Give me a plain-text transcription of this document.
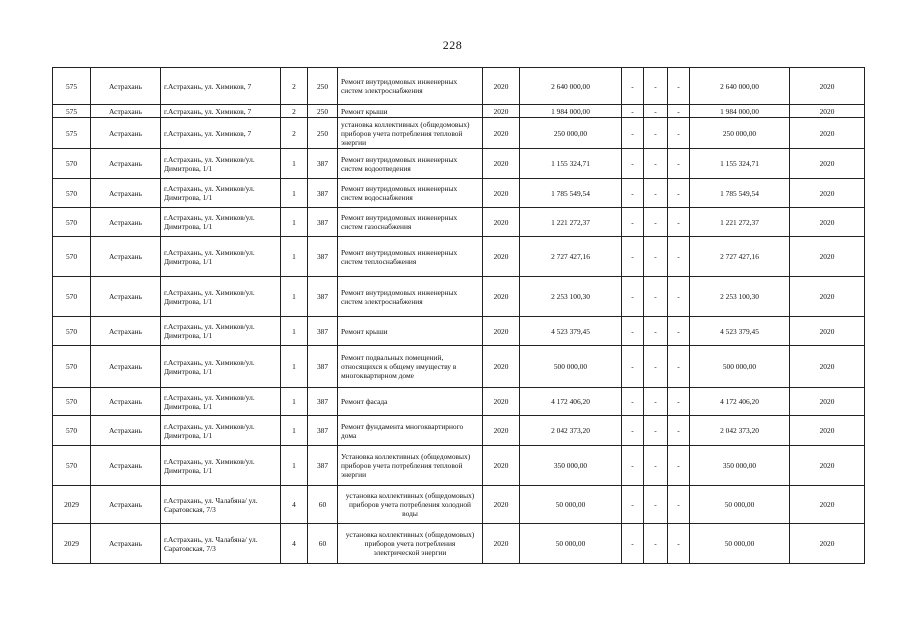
228
575	Астрахань	г.Астрахань, ул. Химиков, 7	2	250	Ремонт внутридомовых инженерных систем электроснабжения	2020	2 640 000,00	-	-	-	2 640 000,00	2020
575	Астрахань	г.Астрахань, ул. Химиков, 7	2	250	Ремонт крыши	2020	1 984 000,00	-	-	-	1 984 000,00	2020
575	Астрахань	г.Астрахань, ул. Химиков, 7	2	250	установка коллективных (общедомовых) приборов учета потребления тепловой энергии	2020	250 000,00	-	-	-	250 000,00	2020
570	Астрахань	г.Астрахань, ул. Химиков/ул. Димитрова, 1/1	1	387	Ремонт внутридомовых инженерных систем водоотведения	2020	1 155 324,71	-	-	-	1 155 324,71	2020
570	Астрахань	г.Астрахань, ул. Химиков/ул. Димитрова, 1/1	1	387	Ремонт внутридомовых инженерных систем водоснабжения	2020	1 785 549,54	-	-	-	1 785 549,54	2020
570	Астрахань	г.Астрахань, ул. Химиков/ул. Димитрова, 1/1	1	387	Ремонт внутридомовых инженерных систем газоснабжения	2020	1 221 272,37	-	-	-	1 221 272,37	2020
570	Астрахань	г.Астрахань, ул. Химиков/ул. Димитрова, 1/1	1	387	Ремонт внутридомовых инженерных систем теплоснабжения	2020	2 727 427,16	-	-	-	2 727 427,16	2020
570	Астрахань	г.Астрахань, ул. Химиков/ул. Димитрова, 1/1	1	387	Ремонт внутридомовых инженерных систем электроснабжения	2020	2 253 100,30	-	-	-	2 253 100,30	2020
570	Астрахань	г.Астрахань, ул. Химиков/ул. Димитрова, 1/1	1	387	Ремонт крыши	2020	4 523 379,45	-	-	-	4 523 379,45	2020
570	Астрахань	г.Астрахань, ул. Химиков/ул. Димитрова, 1/1	1	387	Ремонт подвальных помещений, относящихся к общему имуществу в многоквартирном доме	2020	500 000,00	-	-	-	500 000,00	2020
570	Астрахань	г.Астрахань, ул. Химиков/ул. Димитрова, 1/1	1	387	Ремонт фасада	2020	4 172 406,20	-	-	-	4 172 406,20	2020
570	Астрахань	г.Астрахань, ул. Химиков/ул. Димитрова, 1/1	1	387	Ремонт фундамента многоквартирного дома	2020	2 042 373,20	-	-	-	2 042 373,20	2020
570	Астрахань	г.Астрахань, ул. Химиков/ул. Димитрова, 1/1	1	387	Установка коллективных (общедомовых) приборов учета потребления тепловой энергии	2020	350 000,00	-	-	-	350 000,00	2020
2029	Астрахань	г.Астрахань, ул. Чалабяна/ ул. Саратовская, 7/3	4	60	установка коллективных (общедомовых) приборов учета потребления холодной воды	2020	50 000,00	-	-	-	50 000,00	2020
2029	Астрахань	г.Астрахань, ул. Чалабяна/ ул. Саратовская, 7/3	4	60	установка коллективных (общедомовых) приборов учета потребления электрической энергии	2020	50 000,00	-	-	-	50 000,00	2020
